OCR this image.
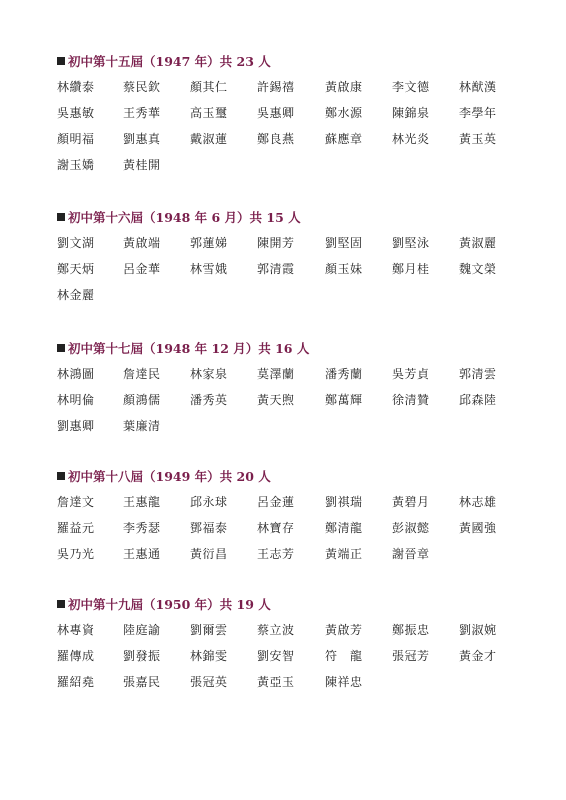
初中第十五屆（1947 年）共 23 人
林纘泰 蔡民欽 顏其仁 許錫禧	黃啟康 李文德 林猷漢
吳惠敏 王秀華 高玉璽 吳惠卿	鄭水源 陳錦泉 李學年
顏明福 劉惠真 戴淑蓮 鄭良燕	蘇應章 林光炎 黃玉英
謝玉嬌 黃桂開
初中第十六屆（1948 年 6 月）共 15 人
劉文湖 黃啟端 郭蓮娣 陳開芳	劉堅固 劉堅泳 黃淑麗
鄭天炳 呂金華 林雪娥 郭清霞	顏玉妹 鄭月桂 魏文榮
林金麗
初中第十七屆（1948 年 12 月）共 16 人
林鴻圖 詹達民 林家泉 莫澤蘭	潘秀蘭 吳芳貞 郭清雲
林明倫 顏鴻儒 潘秀英 黃天煦	鄭萬輝 徐清贊 邱森陸
劉惠卿 葉廉清
初中第十八屆（1949 年）共 20 人
詹達文 王惠龍 邱永球 呂金蓮	劉祺瑞 黃碧月 林志雄
羅益元 李秀瑟 鄧福泰 林寶存	鄭清龍 彭淑懿 黃國強
吳乃光 王惠通 黃衍昌 王志芳	黃端正 謝晉章
初中第十九屆（1950 年）共 19 人
林專資 陸庭諭 劉爾雲 蔡立波	黃啟芳 鄭振忠 劉淑婉
羅傳成 劉發振 林錦雯 劉安智	符　龍 張冠芳 黃金才
羅紹堯 張嘉民 張冠英 黃亞玉	陳祥忠
